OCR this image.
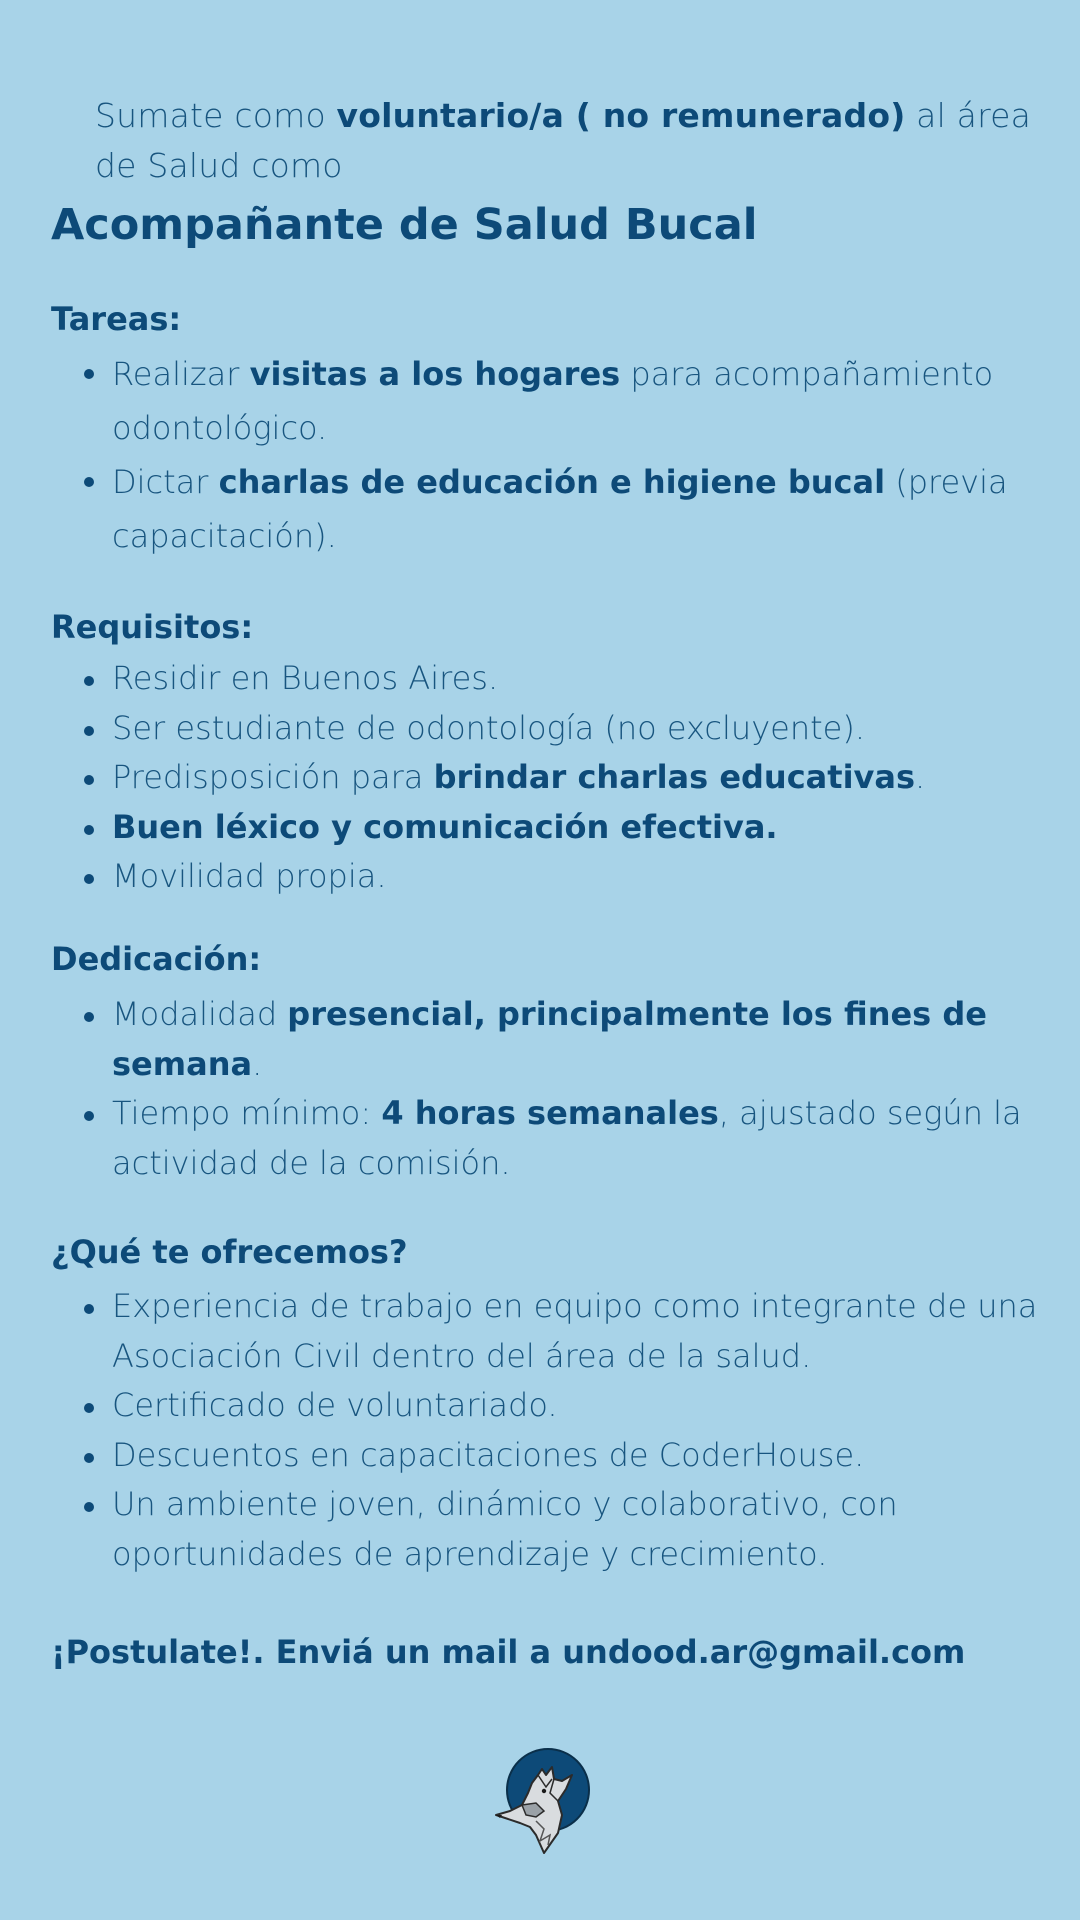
Sumate como voluntario/a ( no remunerado) al área de Salud como

Acompañante de Salud Bucal
Tareas:
Realizar visitas a los hogares para acompañamiento odontológico.
Dictar charlas de educación e higiene bucal (previa capacitación).
Requisitos:
Residir en Buenos Aires.
Ser estudiante de odontología (no excluyente).
Predisposición para brindar charlas educativas.
Buen léxico y comunicación efectiva.
Movilidad propia.
Dedicación:
Modalidad presencial, principalmente los fines de semana.
Tiempo mínimo: 4 horas semanales, ajustado según la actividad de la comisión.
¿Qué te ofrecemos?
Experiencia de trabajo en equipo como integrante de una Asociación Civil dentro del área de la salud.
Certificado de voluntariado.
Descuentos en capacitaciones de CoderHouse.
Un ambiente joven, dinámico y colaborativo, con oportunidades de aprendizaje y crecimiento.

¡Postulate!. Enviá un mail a undood.ar@gmail.com
